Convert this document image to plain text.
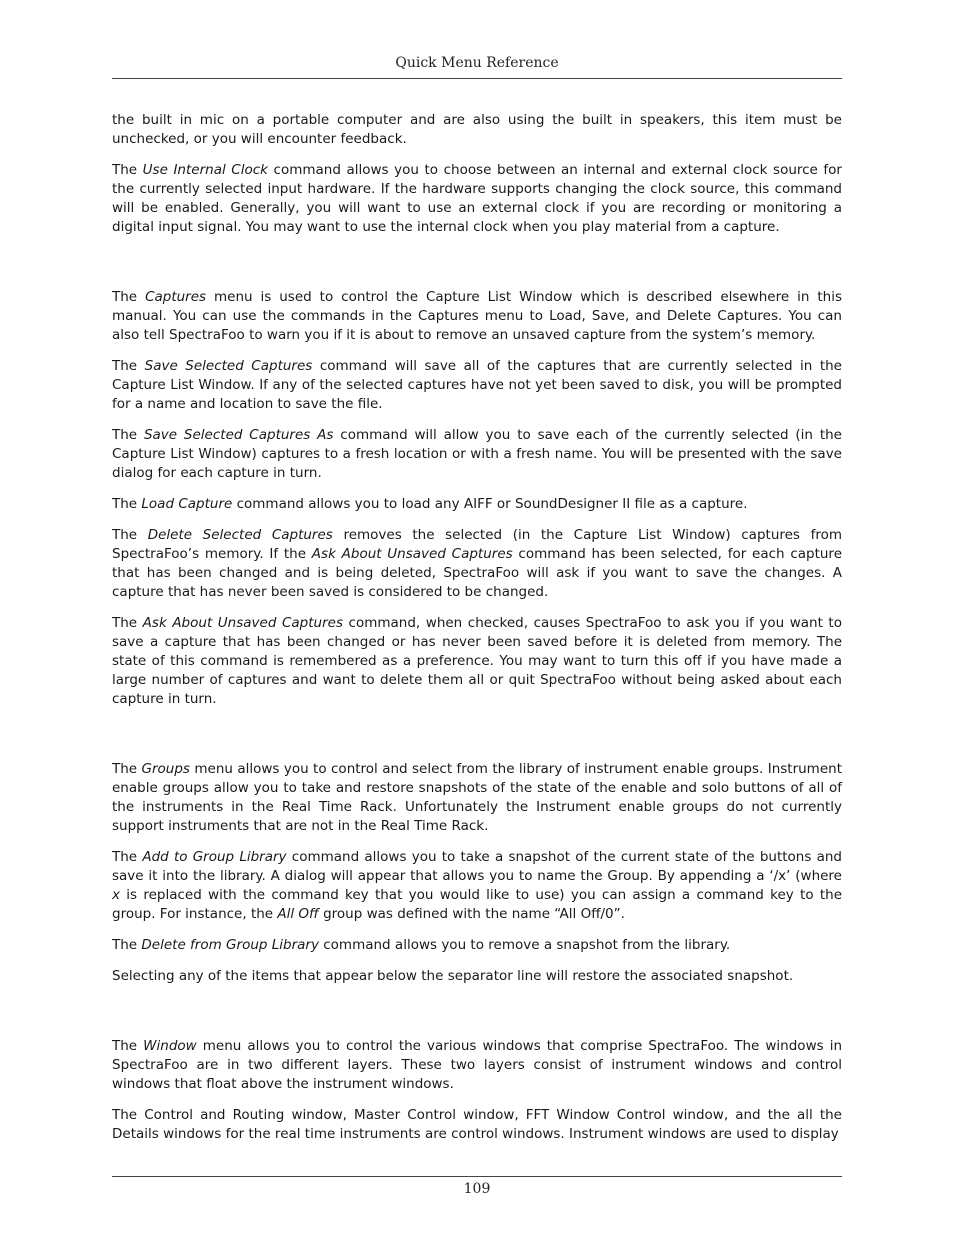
Quick Menu Reference

the built in mic on a portable computer and are also using the built in speakers, this item must be unchecked, or you will encounter feedback.

The Use Internal Clock command allows you to choose between an internal and external clock source for the currently selected input hardware. If the hardware supports changing the clock source, this command will be enabled. Generally, you will want to use an external clock if you are recording or monitoring a digital input signal. You may want to use the internal clock when you play material from a capture.

The Captures menu is used to control the Capture List Window which is described elsewhere in this manual. You can use the commands in the Captures menu to Load, Save, and Delete Captures. You can also tell SpectraFoo to warn you if it is about to remove an unsaved capture from the system’s memory.

The Save Selected Captures command will save all of the captures that are currently selected in the Capture List Window. If any of the selected captures have not yet been saved to disk, you will be prompted for a name and location to save the file.

The Save Selected Captures As command will allow you to save each of the currently selected (in the Capture List Window) captures to a fresh location or with a fresh name. You will be presented with the save dialog for each capture in turn.

The Load Capture command allows you to load any AIFF or SoundDesigner II file as a capture.

The Delete Selected Captures removes the selected (in the Capture List Window) captures from SpectraFoo’s memory. If the Ask About Unsaved Captures command has been selected, for each capture that has been changed and is being deleted, SpectraFoo will ask if you want to save the changes. A capture that has never been saved is considered to be changed.

The Ask About Unsaved Captures command, when checked, causes SpectraFoo to ask you if you want to save a capture that has been changed or has never been saved before it is deleted from memory. The state of this command is remembered as a preference. You may want to turn this off if you have made a large number of captures and want to delete them all or quit SpectraFoo without being asked about each capture in turn.

The Groups menu allows you to control and select from the library of instrument enable groups. Instrument enable groups allow you to take and restore snapshots of the state of the enable and solo buttons of all of the instruments in the Real Time Rack. Unfortunately the Instrument enable groups do not currently support instruments that are not in the Real Time Rack.

The Add to Group Library command allows you to take a snapshot of the current state of the buttons and save it into the library. A dialog will appear that allows you to name the Group. By appending a ‘/x’ (where x is replaced with the command key that you would like to use) you can assign a command key to the group. For instance, the All Off group was defined with the name “All Off/0”.

The Delete from Group Library command allows you to remove a snapshot from the library.

Selecting any of the items that appear below the separator line will restore the associated snapshot.

The Window menu allows you to control the various windows that comprise SpectraFoo. The windows in SpectraFoo are in two different layers. These two layers consist of instrument windows and control windows that float above the instrument windows.

The Control and Routing window, Master Control window, FFT Window Control window, and the all the Details windows for the real time instruments are control windows. Instrument windows are used to display

109
